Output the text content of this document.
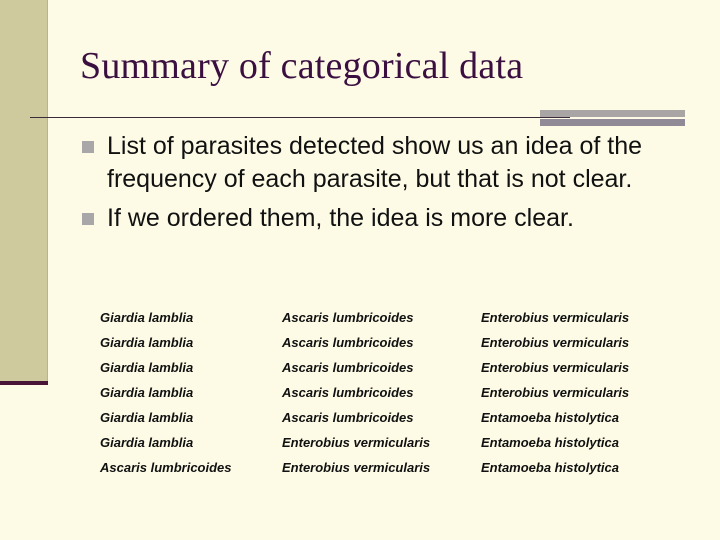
Summary of categorical data
List of parasites detected show us an idea of the frequency of each parasite, but that is not clear.
If we ordered them, the idea is more clear.
Giardia lamblia	Ascaris lumbricoides	Enterobius vermicularis
Giardia lamblia	Ascaris lumbricoides	Enterobius vermicularis
Giardia lamblia	Ascaris lumbricoides	Enterobius vermicularis
Giardia lamblia	Ascaris lumbricoides	Enterobius vermicularis
Giardia lamblia	Ascaris lumbricoides	Entamoeba histolytica
Giardia lamblia	Enterobius vermicularis	Entamoeba histolytica
Ascaris lumbricoides	Enterobius vermicularis	Entamoeba histolytica
